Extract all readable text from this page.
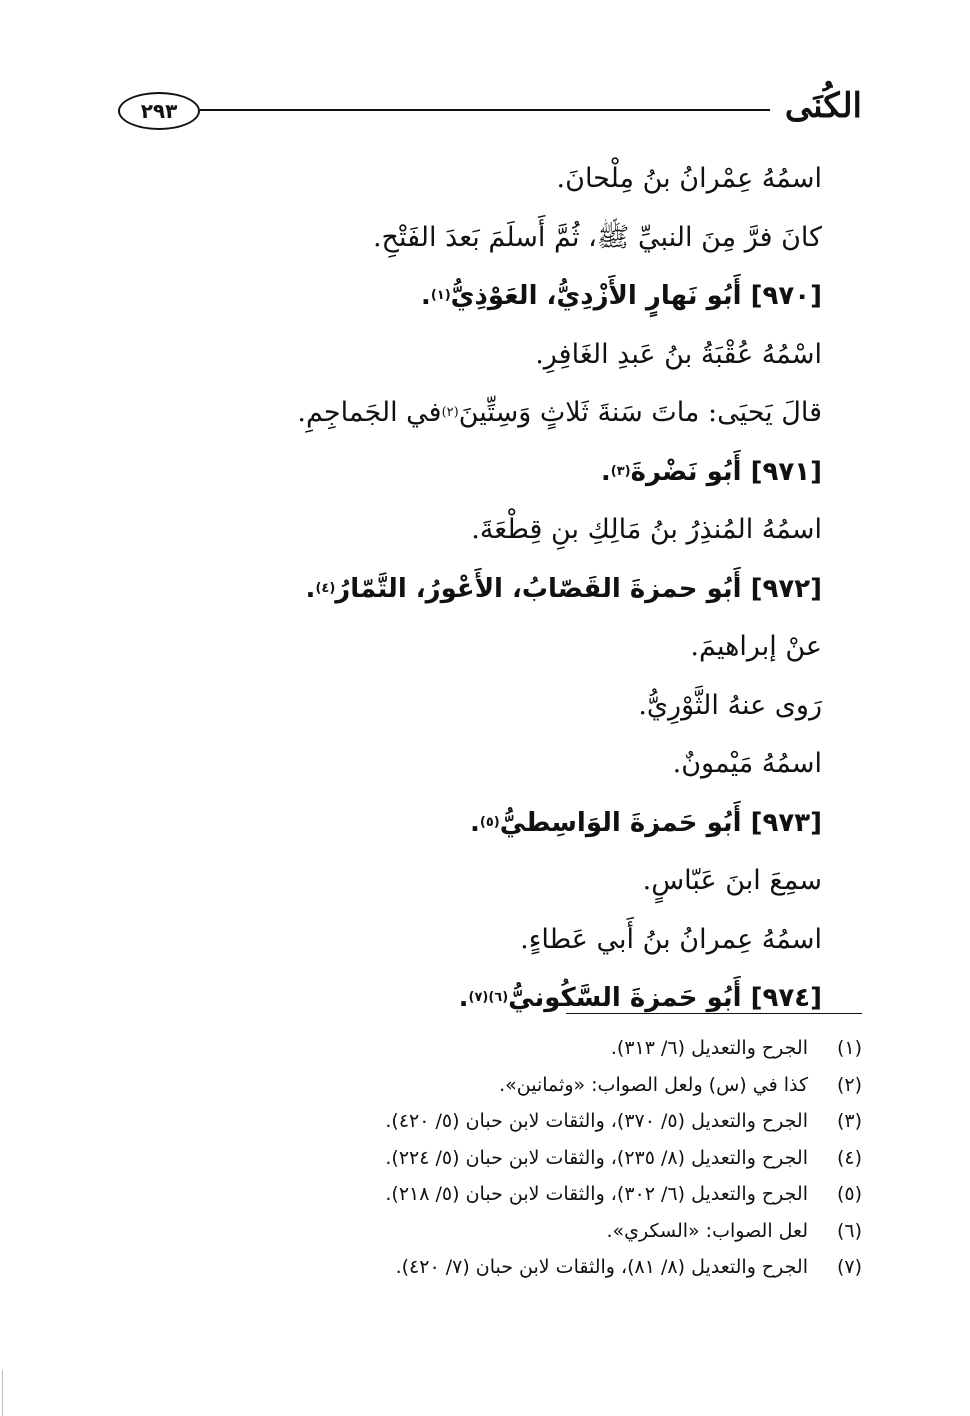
٢٩٣	الكُنَى
اسمُهُ عِمْرانُ بنُ مِلْحانَ.
كانَ فرَّ مِنَ النبيِّ ﷺ، ثُمَّ أَسلَمَ بَعدَ الفَتْحِ.
[٩٧٠] أَبُو نَهارٍ الأَزْدِيُّ، العَوْذِيُّ
(١)
.
اسْمُهُ عُقْبَةُ بنُ عَبدِ الغَافِرِ.
قالَ يَحيَى: ماتَ سَنةَ ثَلاثٍ وَسِتِّينَ
(٢)
في الجَماجِمِ.
[٩٧١] أَبُو نَضْرةَ
(٣)
.
اسمُهُ المُنذِرُ بنُ مَالِكِ بنِ قِطْعَةَ.
[٩٧٢] أَبُو حمزةَ القَصّابُ، الأَعْورُ، التَّمّارُ
(٤)
.
عنْ إبراهيمَ.
رَوى عنهُ الثَّوْرِيُّ.
اسمُهُ مَيْمونٌ.
[٩٧٣] أَبُو حَمزةَ الوَاسِطيُّ
(٥)
.
سمِعَ ابنَ عَبّاسٍ.
اسمُهُ عِمرانُ بنُ أَبي عَطاءٍ.
[٩٧٤] أَبُو حَمزةَ السَّكُونيُّ
(٦)(٧)
.
(١)
الجرح والتعديل (٦/ ٣١٣).
(٢)
كذا في (س) ولعل الصواب: «وثمانين».
(٣)
الجرح والتعديل (٥/ ٣٧٠)، والثقات لابن حبان (٥/ ٤٢٠).
(٤)
الجرح والتعديل (٨/ ٢٣٥)، والثقات لابن حبان (٥/ ٢٢٤).
(٥)
الجرح والتعديل (٦/ ٣٠٢)، والثقات لابن حبان (٥/ ٢١٨).
(٦)
لعل الصواب: «السكري».
(٧)
الجرح والتعديل (٨/ ٨١)، والثقات لابن حبان (٧/ ٤٢٠).
